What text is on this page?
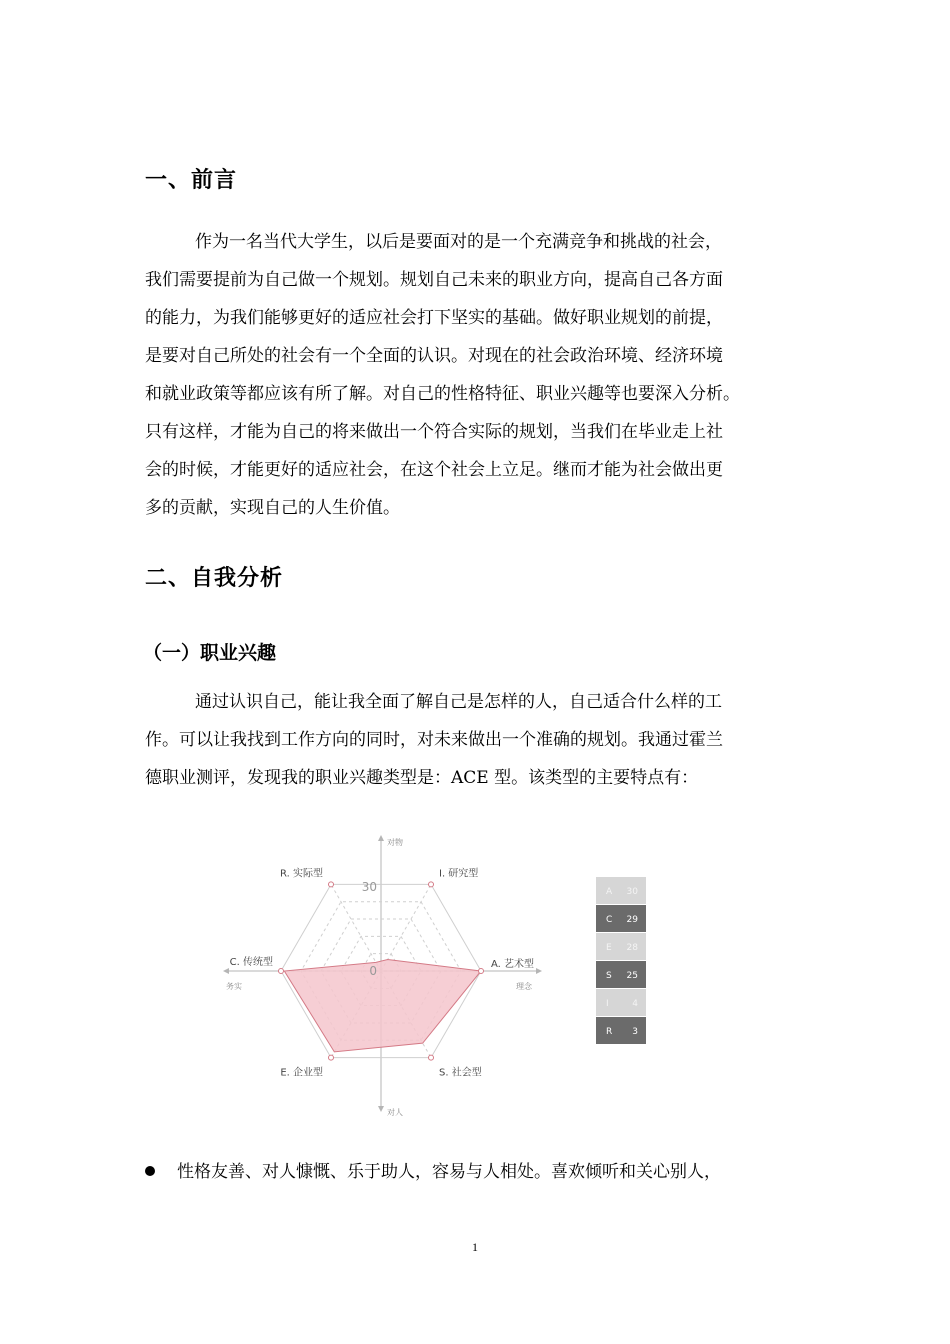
一、前言
作为一名当代大学生，以后是要面对的是一个充满竞争和挑战的社会，
我们需要提前为自己做一个规划。规划自己未来的职业方向，提高自己各方面
的能力，为我们能够更好的适应社会打下坚实的基础。做好职业规划的前提，
是要对自己所处的社会有一个全面的认识。对现在的社会政治环境、经济环境
和就业政策等都应该有所了解。对自己的性格特征、职业兴趣等也要深入分析。
只有这样，才能为自己的将来做出一个符合实际的规划，当我们在毕业走上社
会的时候，才能更好的适应社会，在这个社会上立足。继而才能为社会做出更
多的贡献，实现自己的人生价值。
二、自我分析
（一）职业兴趣
通过认识自己，能让我全面了解自己是怎样的人，自己适合什么样的工
作。可以让我找到工作方向的同时，对未来做出一个准确的规划。我通过霍兰
德职业测评，发现我的职业兴趣类型是：ACE 型。该类型的主要特点有：
I. 研究型
A. 艺术型
S. 社会型
E. 企业型
C. 传统型
R. 实际型
30
0
对物
对人
务实	理念
A 30
C 29
E 28
S 25
I	4
R 3
性格友善、对人慷慨、乐于助人，容易与人相处。喜欢倾听和关心别人，
1
